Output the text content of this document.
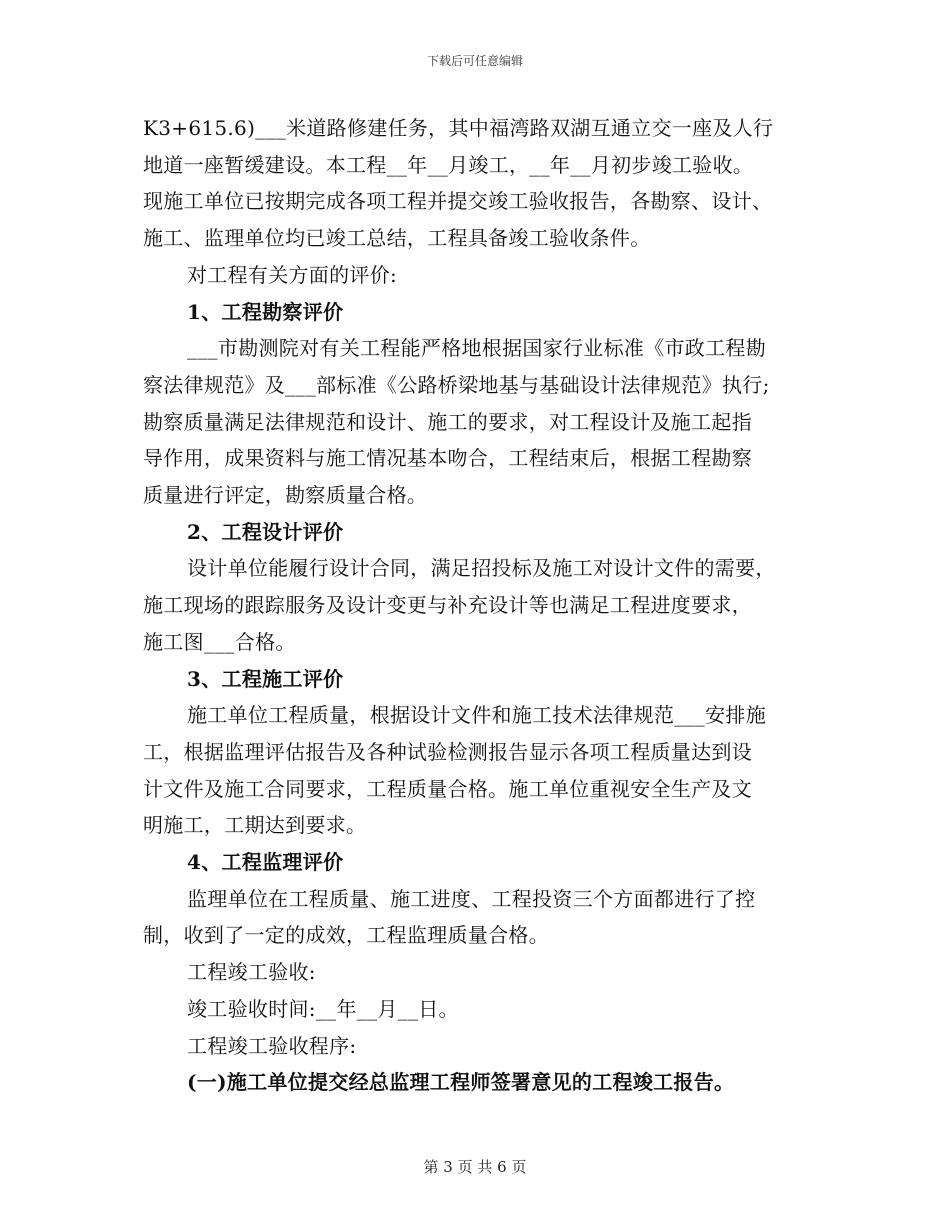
下载后可任意编辑

K3+615.6)___米道路修建任务，其中福湾路双湖互通立交一座及人行

地道一座暂缓建设。本工程__年__月竣工，__年__月初步竣工验收。

现施工单位已按期完成各项工程并提交竣工验收报告，各勘察、设计、

施工、监理单位均已竣工总结，工程具备竣工验收条件。

对工程有关方面的评价:

1、工程勘察评价

___市勘测院对有关工程能严格地根据国家行业标准《市政工程勘

察法律规范》及___部标准《公路桥梁地基与基础设计法律规范》执行;

勘察质量满足法律规范和设计、施工的要求，对工程设计及施工起指

导作用，成果资料与施工情况基本吻合，工程结束后，根据工程勘察

质量进行评定，勘察质量合格。

2、工程设计评价

设计单位能履行设计合同，满足招投标及施工对设计文件的需要，

施工现场的跟踪服务及设计变更与补充设计等也满足工程进度要求，

施工图___合格。

3、工程施工评价

施工单位工程质量，根据设计文件和施工技术法律规范___安排施

工，根据监理评估报告及各种试验检测报告显示各项工程质量达到设

计文件及施工合同要求，工程质量合格。施工单位重视安全生产及文

明施工，工期达到要求。

4、工程监理评价

监理单位在工程质量、施工进度、工程投资三个方面都进行了控

制，收到了一定的成效，工程监理质量合格。

工程竣工验收:

竣工验收时间:__年__月__日。

工程竣工验收程序:

(一)施工单位提交经总监理工程师签署意见的工程竣工报告。

第 3 页 共 6 页
